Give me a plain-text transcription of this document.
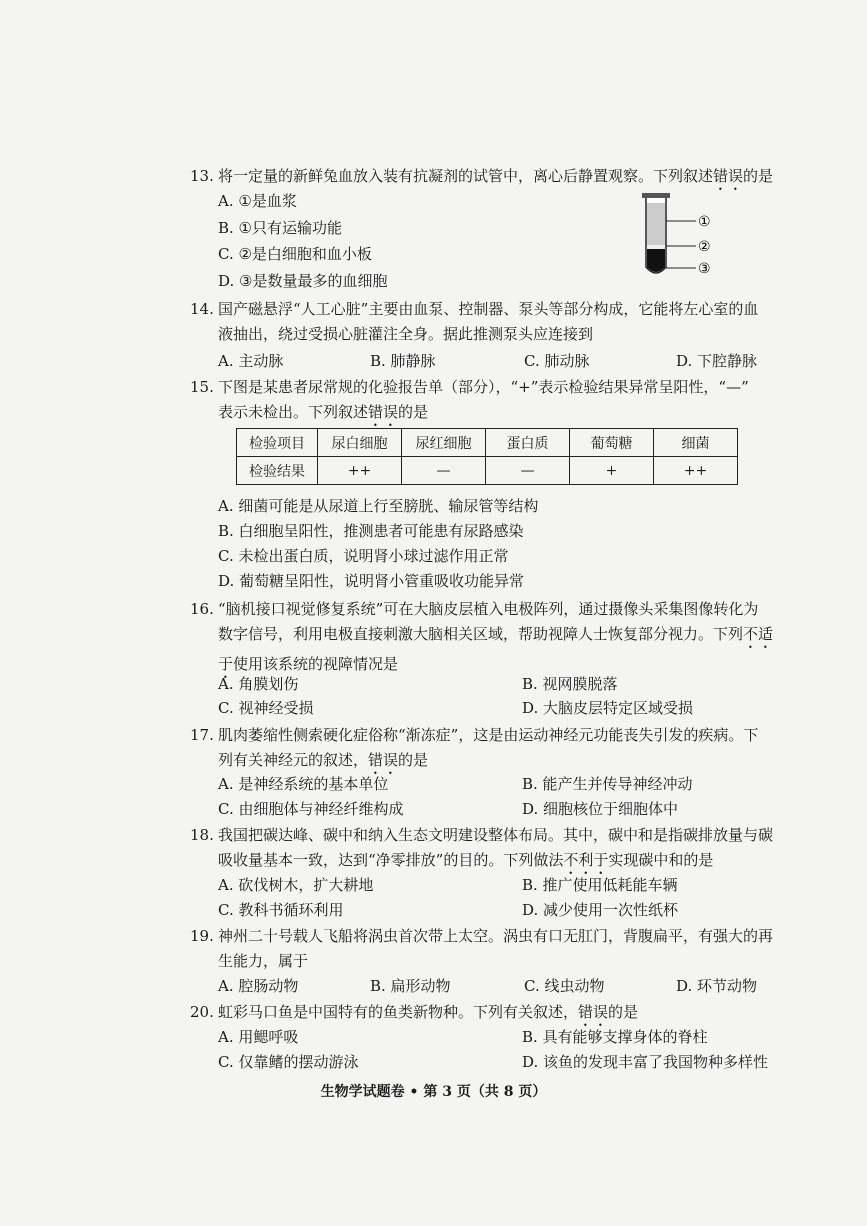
13. 将一定量的新鲜兔血放入装有抗凝剂的试管中，离心后静置观察。下列叙述错误的是
A. ①是血浆
B. ①只有运输功能
C. ②是白细胞和血小板
D. ③是数量最多的血细胞
①
②
③
14. 国产磁悬浮“人工心脏”主要由血泵、控制器、泵头等部分构成，它能将左心室的血
液抽出，绕过受损心脏灌注全身。据此推测泵头应连接到
A. 主动脉	B. 肺静脉	C. 肺动脉	D. 下腔静脉
15. 下图是某患者尿常规的化验报告单（部分），“+”表示检验结果异常呈阳性，“—”
表示未检出。下列叙述错误的是
检验项目	尿白细胞	尿红细胞	蛋白质	葡萄糖	细菌
检验结果	++	—	—	+	++
A. 细菌可能是从尿道上行至膀胱、输尿管等结构
B. 白细胞呈阳性，推测患者可能患有尿路感染
C. 未检出蛋白质，说明肾小球过滤作用正常
D. 葡萄糖呈阳性，说明肾小管重吸收功能异常
16. “脑机接口视觉修复系统”可在大脑皮层植入电极阵列，通过摄像头采集图像转化为
数字信号，利用电极直接刺激大脑相关区域，帮助视障人士恢复部分视力。下列不适
于使用该系统的视障情况是
A. 角膜划伤	B. 视网膜脱落
C. 视神经受损	D. 大脑皮层特定区域受损
17. 肌肉萎缩性侧索硬化症俗称“渐冻症”，这是由运动神经元功能丧失引发的疾病。下
列有关神经元的叙述，错误的是
A. 是神经系统的基本单位	B. 能产生并传导神经冲动
C. 由细胞体与神经纤维构成	D. 细胞核位于细胞体中
18. 我国把碳达峰、碳中和纳入生态文明建设整体布局。其中，碳中和是指碳排放量与碳
吸收量基本一致，达到“净零排放”的目的。下列做法不利于实现碳中和的是
A. 砍伐树木，扩大耕地	B. 推广使用低耗能车辆
C. 教科书循环利用	D. 减少使用一次性纸杯
19. 神州二十号载人飞船将涡虫首次带上太空。涡虫有口无肛门，背腹扁平，有强大的再
生能力，属于
A. 腔肠动物	B. 扁形动物	C. 线虫动物	D. 环节动物
20. 虹彩马口鱼是中国特有的鱼类新物种。下列有关叙述，错误的是
A. 用鳃呼吸	B. 具有能够支撑身体的脊柱
C. 仅靠鳍的摆动游泳	D. 该鱼的发现丰富了我国物种多样性
生物学试题卷 • 第 3 页（共 8 页）
